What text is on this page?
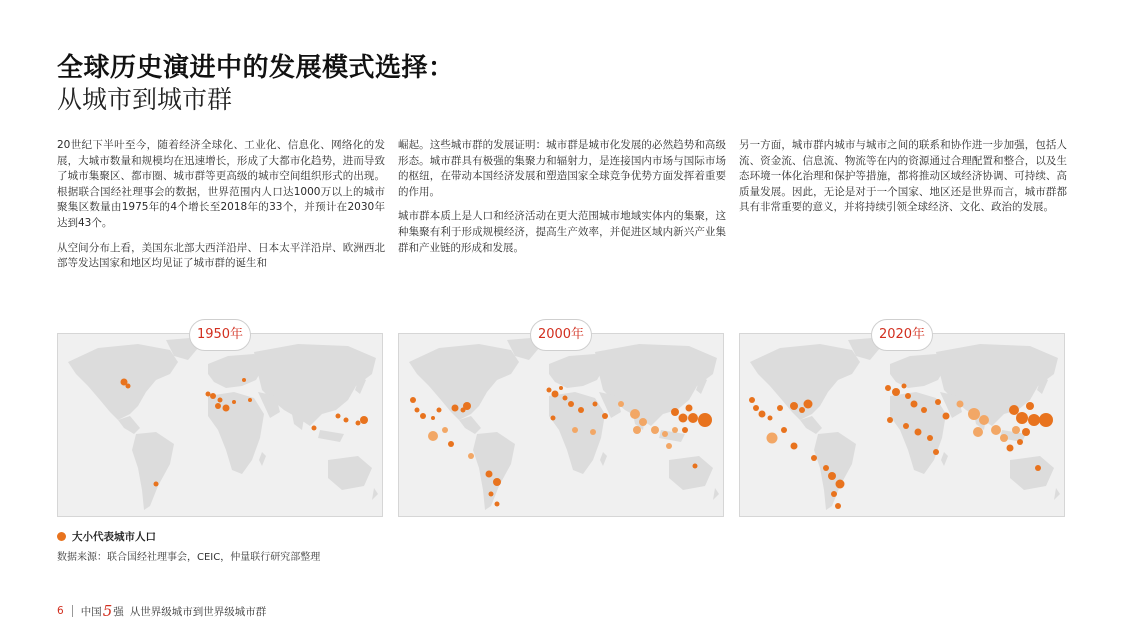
全球历史演进中的发展模式选择：
从城市到城市群

20世纪下半叶至今，随着经济全球化、工业化、信息化、网络化的发展，大城市数量和规模均在迅速增长，形成了大都市化趋势，进而导致了城市集聚区、都市圈、城市群等更高级的城市空间组织形式的出现。根据联合国经社理事会的数据，世界范围内人口达1000万以上的城市聚集区数量由1975年的4个增长至2018年的33个，并预计在2030年达到43个。

从空间分布上看，美国东北部大西洋沿岸、日本太平洋沿岸、欧洲西北部等发达国家和地区均见证了城市群的诞生和

崛起。这些城市群的发展证明：城市群是城市化发展的必然趋势和高级形态。城市群具有极强的集聚力和辐射力，是连接国内市场与国际市场的枢纽，在带动本国经济发展和塑造国家全球竞争优势方面发挥着重要的作用。

城市群本质上是人口和经济活动在更大范围城市地域实体内的集聚，这种集聚有利于形成规模经济，提高生产效率，并促进区域内新兴产业集群和产业链的形成和发展。

另一方面，城市群内城市与城市之间的联系和协作进一步加强，包括人流、资金流、信息流、物流等在内的资源通过合理配置和整合，以及生态环境一体化治理和保护等措施，都将推动区域经济协调、可持续、高质量发展。因此，无论是对于一个国家、地区还是世界而言，城市群都具有非常重要的意义，并将持续引领全球经济、文化、政治的发展。

1950年	2000年	2020年
大小代表城市人口
数据来源：联合国经社理事会，CEIC，仲量联行研究部整理
6 中国 5 强 从世界级城市到世界级城市群
